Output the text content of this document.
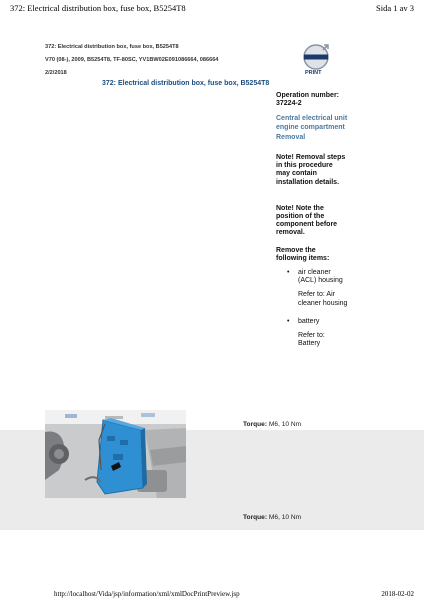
372: Electrical distribution box, fuse box, B5254T8	Sida 1 av 3
372: Electrical distribution box, fuse box, B5254T8
V70 (08-), 2009, B5254T8, TF-80SC, YV1BW02E091086664, 086664
2/2/2018	PRINT
372: Electrical distribution box, fuse box, B5254T8
Operation number:
37224-2
Central electrical unit engine compartment
Removal
Note! Removal steps in this procedure may contain installation details.
Note! Note the position of the component before removal.
Remove the following items:
• air cleaner (ACL) housing
Refer to: Air cleaner housing
• battery
Refer to: Battery
Torque: M6, 10 Nm
Torque: M6, 10 Nm
http://localhost/Vida/jsp/information/xml/xmlDocPrintPreview.jsp	2018-02-02
